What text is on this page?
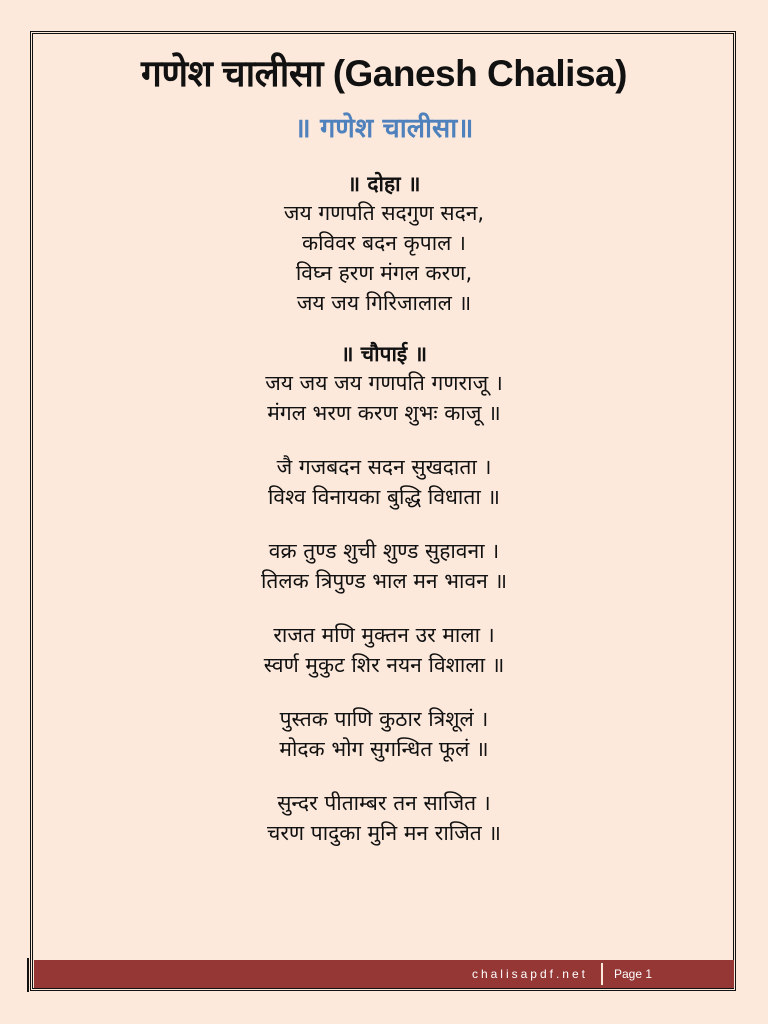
गणेश चालीसा (Ganesh Chalisa)
॥ गणेश चालीसा॥

॥ दोहा ॥

जय गणपति सदगुण सदन,

कविवर बदन कृपाल ।

विघ्न हरण मंगल करण,

जय जय गिरिजालाल ॥

॥ चौपाई ॥

जय जय जय गणपति गणराजू ।

मंगल भरण करण शुभः काजू ॥

जै गजबदन सदन सुखदाता ।

विश्व विनायका बुद्धि विधाता ॥

वक्र तुण्ड शुची शुण्ड सुहावना ।

तिलक त्रिपुण्ड भाल मन भावन ॥

राजत मणि मुक्तन उर माला ।

स्वर्ण मुकुट शिर नयन विशाला ॥

पुस्तक पाणि कुठार त्रिशूलं ।

मोदक भोग सुगन्धित फूलं ॥

सुन्दर पीताम्बर तन साजित ।

चरण पादुका मुनि मन राजित ॥

chalisapdf.net Page 1
